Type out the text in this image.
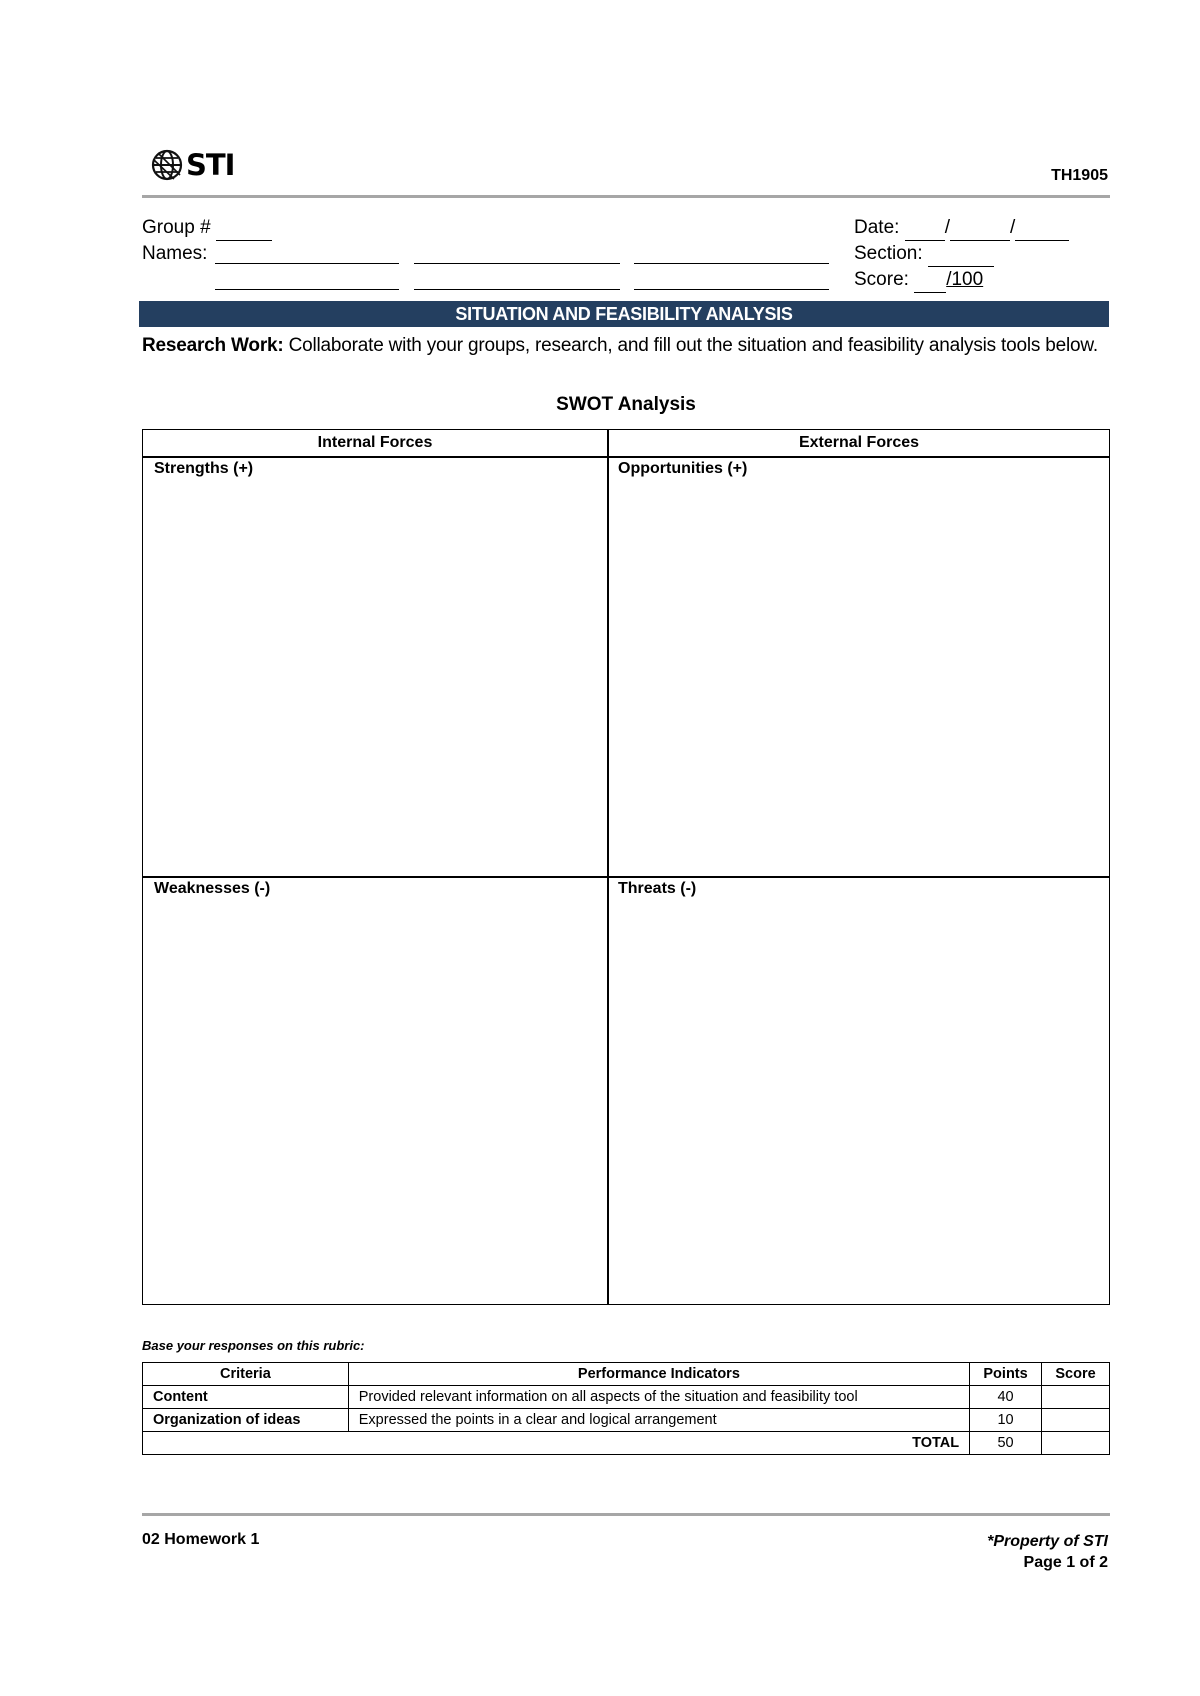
STI	TH1905
Group #
Names:
Date: /	/
Section:
Score: /100
SITUATION AND FEASIBILITY ANALYSIS
Research Work: Collaborate with your groups, research, and fill out the situation and feasibility analysis tools below.
SWOT Analysis
Internal Forces	External Forces
Strengths (+)	Opportunities (+)
Weaknesses (-)	Threats (-)
Base your responses on this rubric:
Criteria	Performance Indicators	Points	Score
Content	Provided relevant information on all aspects of the situation and feasibility tool	40	
Organization of ideas	Expressed the points in a clear and logical arrangement	10	
TOTAL		50	
02 Homework 1	*Property of STI
Page 1 of 2
